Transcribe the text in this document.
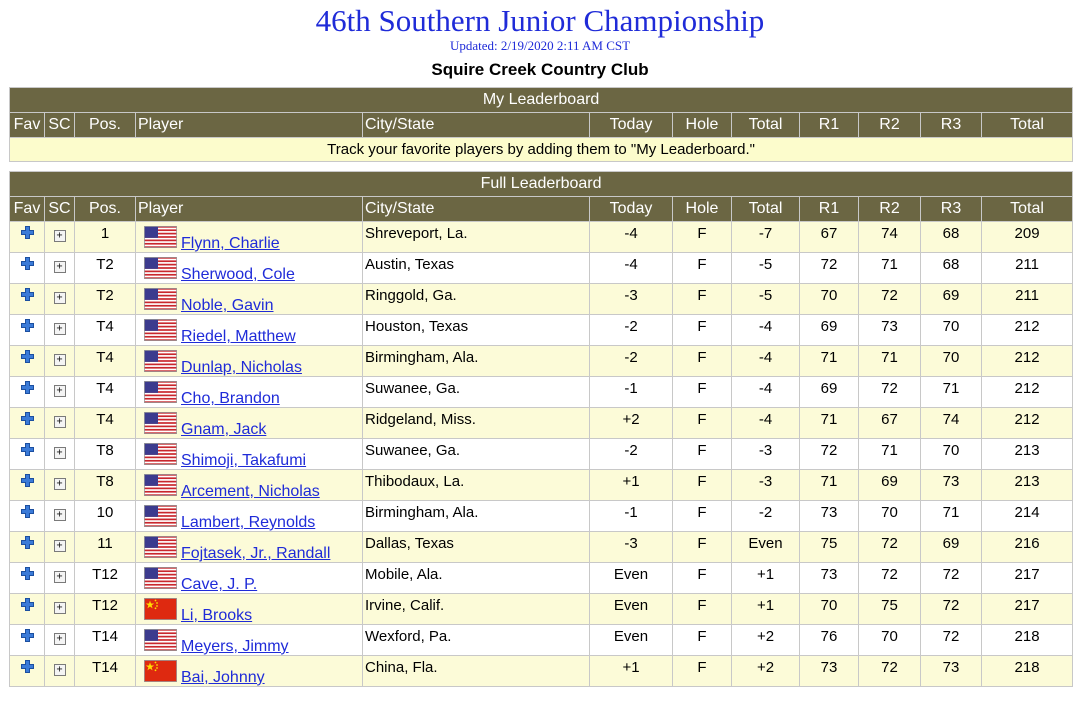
46th Southern Junior Championship
Updated: 2/19/2020 2:11 AM CST
Squire Creek Country Club
My Leaderboard
Fav	SC	Pos.	Player	City/State	Today	Hole	Total	R1	R2	R3	Total
Track your favorite players by adding them to "My Leaderboard."
Full Leaderboard											
Fav	SC	Pos.	Player	City/State	Today	Hole	Total	R1	R2	R3	Total
	+	1	Flynn, Charlie	Shreveport, La.	-4	F	-7	67	74	68	209
	+	T2	Sherwood, Cole	Austin, Texas	-4	F	-5	72	71	68	211
	+	T2	Noble, Gavin	Ringgold, Ga.	-3	F	-5	70	72	69	211
	+	T4	Riedel, Matthew	Houston, Texas	-2	F	-4	69	73	70	212
	+	T4	Dunlap, Nicholas	Birmingham, Ala.	-2	F	-4	71	71	70	212
	+	T4	Cho, Brandon	Suwanee, Ga.	-1	F	-4	69	72	71	212
	+	T4	Gnam, Jack	Ridgeland, Miss.	+2	F	-4	71	67	74	212
	+	T8	Shimoji, Takafumi	Suwanee, Ga.	-2	F	-3	72	71	70	213
	+	T8	Arcement, Nicholas	Thibodaux, La.	+1	F	-3	71	69	73	213
	+	10	Lambert, Reynolds	Birmingham, Ala.	-1	F	-2	73	70	71	214
	+	11	Fojtasek, Jr., Randall	Dallas, Texas	-3	F	Even	75	72	69	216
	+	T12	Cave, J. P.	Mobile, Ala.	Even	F	+1	73	72	72	217
	+	T12	Li, Brooks	Irvine, Calif.	Even	F	+1	70	75	72	217
	+	T14	Meyers, Jimmy	Wexford, Pa.	Even	F	+2	76	70	72	218
	+	T14	Bai, Johnny	China, Fla.	+1	F	+2	73	72	73	218
